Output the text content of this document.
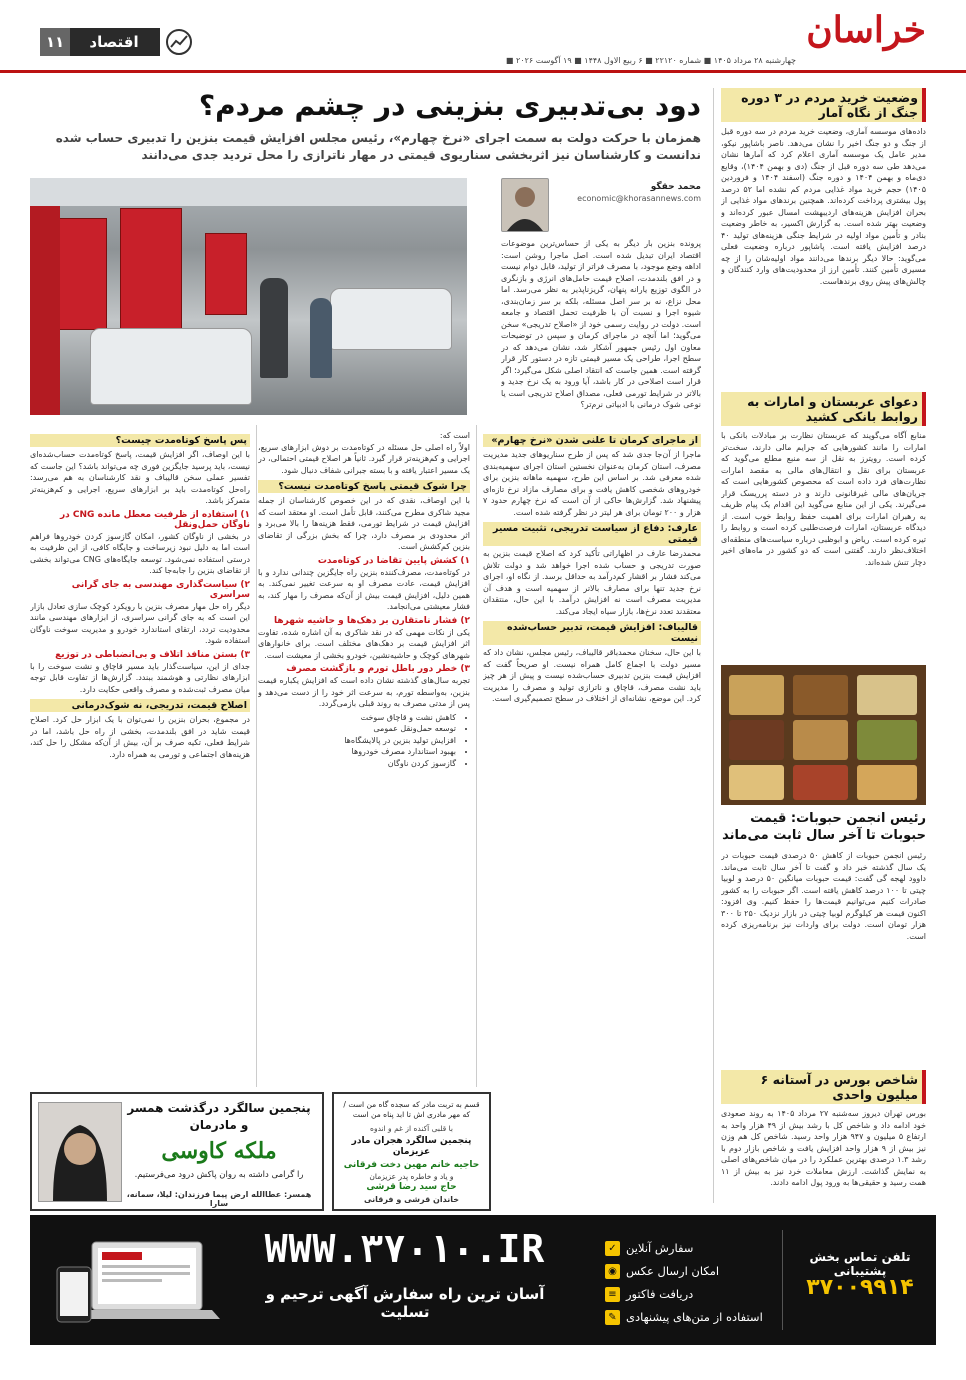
خراسان
چهارشنبه ۲۸ مرداد ۱۴۰۵ ■ شماره ۲۲۱۲۰ ■ ۶ ربیع الاول ۱۴۴۸ ■ ۱۹ آگوست ۲۰۲۶ ■
اقتصاد
۱۱
وضعیت خرید مردم در ۳ دوره جنگ از نگاه آمار
داده‌های موسسه آماری، وضعیت خرید مردم در سه دوره قبل از جنگ و دو جنگ اخیر را نشان می‌دهد. ناصر باشاپور نیکو، مدیر عامل یک موسسه آماری اعلام کرد که آمارها نشان می‌دهد طی سه دوره قبل از جنگ (دی و بهمن ۱۴۰۴)، وقایع دی‌ماه و بهمن ۱۴۰۴ و دوره جنگ (اسفند ۱۴۰۴ و فروردین ۱۴۰۵) حجم خرید مواد غذایی مردم کم نشده اما ۵۲ درصد پول بیشتری پرداخت کرده‌اند. همچنین برندهای مواد غذایی از بحران افزایش هزینه‌های اردیبهشت امسال عبور کرده‌اند و وضعیت بهتر شده است. به گزارش اکسیر، به خاطر وضعیت بنادر و تأمین مواد اولیه در شرایط جنگی هزینه‌های تولید ۴۰ درصد افزایش یافته است. پاشاپور درباره وضعیت فعلی می‌گوید: حالا دیگر برندها می‌دانند مواد اولیه‌شان را از چه مسیری تأمین کنند. تأمین ارز از محدودیت‌های وارد کنندگان و چالش‌های پیش روی برندهاست.
دعوای عربستان و امارات به روابط بانکی کشید
منابع آگاه می‌گویند که عربستان نظارت بر مبادلات بانکی با امارات را مانند کشورهایی که جرایم مالی دارند، سخت‌تر کرده است. رویترز به نقل از سه منبع مطلع می‌گوید که عربستان برای نقل و انتقال‌های مالی به مقصد امارات نظارت‌های فرد داده است که محصوص کشورهایی است که جریان‌های مالی غیرقانونی دارند و در دسته پرریسک قرار می‌گیرند. یکی از این منابع می‌گوید این اقدام یک پیام ظریف به رهبران امارات برای اهمیت حفظ روابط خوب است. از دیدگاه عربستان، امارات فرصت‌طلبی کرده است و روابط را تیره کرده است. ریاض و ابوظبی درباره سیاست‌های منطقه‌ای اختلاف‌نظر دارند. گفتنی است که دو کشور در ماه‌های اخیر دچار تنش شده‌اند.
رئیس انجمن حبوبات: قیمت حبوبات تا آخر سال ثابت می‌ماند
رئیس انجمن حبوبات از کاهش ۵۰ درصدی قیمت حبوبات در یک سال گذشته خبر داد و گفت تا آخر سال ثابت می‌ماند. داوود لهجه گی گفت: قیمت حبوبات میانگین ۵۰ درصد و لوبیا چیتی تا ۱۰۰ درصد کاهش یافته است. اگر حبوبات را به کشور صادرات کنیم می‌توانیم قیمت‌ها را حفظ کنیم. وی افزود: اکنون قیمت هر کیلوگرم لوبیا چیتی در بازار نزدیک ۲۵۰ تا ۳۰۰ هزار تومان است. دولت برای واردات نیز برنامه‌ریزی کرده است.
شاخص بورس در آستانه ۶ میلیون واحدی
بورس تهران دیروز سه‌شنبه ۲۷ مرداد ۱۴۰۵ به روند صعودی خود ادامه داد و شاخص کل با رشد بیش از ۴۹ هزار واحد به ارتفاع ۵ میلیون و ۹۴۷ هزار واحد رسید. شاخص کل هم وزن نیز بیش از ۹ هزار واحد افزایش یافت و شاخص بازار دوم با رشد ۱.۳ درصدی بهترین عملکرد را در میان شاخص‌های اصلی به نمایش گذاشت. ارزش معاملات خرد نیز به بیش از ۱۱ همت رسید و حقیقی‌ها به ورود پول ادامه دادند.
دود بی‌تدبیری بنزینی در چشم مردم؟
همزمان با حرکت دولت به سمت اجرای «نرخ چهارم»، رئیس مجلس افزایش قیمت بنزین را تدبیری حساب شده ندانست و کارشناسان نیز اثربخشی سناریوی قیمتی در مهار ناترازی را محل تردید جدی می‌دانند
محمد حقگو
economic@khorasannews.com
پرونده بنزین بار دیگر به یکی از حساس‌ترین موضوعات اقتصاد ایران تبدیل شده است. اصل ماجرا روشن است: اداهه وضع موجود، با مصرف فراتر از تولید، قابل دوام نیست و در افق بلندمدت، اصلاح قیمت حامل‌های انرژی و بازنگری در الگوی توزیع یارانه پنهان، گریزناپذیر به نظر می‌رسد. اما محل نزاع، نه بر سر اصل مسئله، بلکه بر سر زمان‌بندی، شیوه اجرا و نسبت آن با ظرفیت تحمل اقتصاد و جامعه است. دولت در روایت رسمی خود از «اصلاح تدریجی» سخن می‌گوید؛ اما آنچه در ماجرای کرمان و سپس در توضیحات معاون اول رئیس جمهور آشکار شد، نشان می‌دهد که در سطح اجرا، طراحی یک مسیر قیمتی تازه در دستور کار قرار گرفته است. همین جاست که انتقاد اصلی شکل می‌گیرد؛ اگر قرار است اصلاحی در کار باشد، آیا ورود به یک نرخ جدید و بالاتر در شرایط تورمی فعلی، مصداق اصلاح تدریجی است یا نوعی شوک درمانی با ادبیاتی نرم‌تر؟
از ماجرای کرمان تا علنی شدن «نرخ چهارم»
ماجرا از آن‌جا جدی شد که پس از طرح سناریوهای جدید مدیریت مصرف، استان کرمان به‌عنوان نخستین استان اجرای سهمیه‌بندی شده معرفی شد. بر اساس این طرح، سهمیه ماهانه بنزین برای خودروهای شخصی کاهش یافت و برای مصارف مازاد نرخ تازه‌ای پیشنهاد شد. گزارش‌ها حاکی از آن است که نرخ چهارم حدود ۷ هزار و ۲۰۰ تومان برای هر لیتر در نظر گرفته شده است.
عارف: دفاع از سیاست تدریجی، تثبیت مسیر قیمتی
محمدرضا عارف در اظهاراتی تأکید کرد که اصلاح قیمت بنزین به صورت تدریجی و حساب شده اجرا خواهد شد و دولت تلاش می‌کند فشار بر اقشار کم‌درآمد به حداقل برسد. از نگاه او، اجرای نرخ جدید تنها برای مصارف بالاتر از سهمیه است و هدف آن مدیریت مصرف است نه افزایش درآمد. با این حال، منتقدان معتقدند تعدد نرخ‌ها، بازار سیاه ایجاد می‌کند.
قالیباف: افزایش قیمت، تدبیر حساب‌شده نیست
با این حال، سخنان محمدباقر قالیباف، رئیس مجلس، نشان داد که مسیر دولت با اجماع کامل همراه نیست. او صریحاً گفت که افزایش قیمت بنزین تدبیری حساب‌شده نیست و پیش از هر چیز باید نشت مصرف، قاچاق و ناترازی تولید و مصرف را مدیریت کرد. این موضع، نشانه‌ای از اختلاف در سطح تصمیم‌گیری است.
است که:
اولاً راه اصلی حل مسئله در کوتاه‌مدت بر دوش ابزارهای سریع، اجرایی و کم‌هزینه‌تر قرار گیرد. ثانیاً هر اصلاح قیمتی احتمالی، در یک مسیر اعتبار یافته و با بسته جبرانی شفاف دنبال شود.
چرا شوک قیمتی پاسخ کوتاه‌مدت نیست؟
با این اوصاف، نقدی که در این خصوص کارشناسان از جمله مجید شاکری مطرح می‌کنند، قابل تأمل است. او معتقد است که افزایش قیمت در شرایط تورمی، فقط هزینه‌ها را بالا می‌برد و اثر محدودی بر مصرف دارد، چرا که بخش بزرگی از تقاضای بنزین کم‌کشش است.
۱) کشش پایین تقاضا در کوتاه‌مدت
در کوتاه‌مدت، مصرف‌کننده بنزین راه جایگزین چندانی ندارد و با افزایش قیمت، عادت مصرف او به سرعت تغییر نمی‌کند. به همین دلیل، افزایش قیمت بیش از آن‌که مصرف را مهار کند، به فشار معیشتی می‌انجامد.
۲) فشار نامتقارن بر دهک‌ها و حاشیه شهرها
یکی از نکات مهمی که در نقد شاکری به آن اشاره شده، تفاوت اثر افزایش قیمت بر دهک‌های مختلف است. برای خانوارهای شهرهای کوچک و حاشیه‌نشین، خودرو بخشی از معیشت است.
۳) خطر دور باطل تورم و بازگشت مصرف
تجربه سال‌های گذشته نشان داده است که افزایش یکباره قیمت بنزین، به‌واسطه تورم، به سرعت اثر خود را از دست می‌دهد و پس از مدتی مصرف به روند قبلی بازمی‌گردد.
• کاهش نشت و قاچاق سوخت
• توسعه حمل‌ونقل عمومی
• افزایش تولید بنزین در پالایشگاه‌ها
• بهبود استاندارد مصرف خودروها
• گازسوز کردن ناوگان
پس پاسخ کوتاه‌مدت چیست؟
با این اوصاف، اگر افزایش قیمت، پاسخ کوتاه‌مدت حساب‌شده‌ای نیست، باید پرسید جایگزین فوری چه می‌تواند باشد؟ این جاست که تفسیر عملی سخن قالیباف و نقد کارشناسان به هم می‌رسد: راه‌حل کوتاه‌مدت باید بر ابزارهای سریع، اجرایی و کم‌هزینه‌تر متمرکز باشد.
۱) استفاده از ظرفیت معطل مانده CNG در ناوگان حمل‌ونقل
در بخشی از ناوگان کشور، امکان گازسوز کردن خودروها فراهم است اما به دلیل نبود زیرساخت و جایگاه کافی، از این ظرفیت به درستی استفاده نمی‌شود. توسعه جایگاه‌های CNG می‌تواند بخشی از تقاضای بنزین را جابه‌جا کند.
۲) سیاست‌گذاری مهندسی به جای گرانی سراسری
دیگر راه حل مهار مصرف بنزین با رویکرد کوچک سازی تعادل بازار این است که به جای گرانی سراسری، از ابزارهای مهندسی مانند محدودیت تردد، ارتقای استاندارد خودرو و مدیریت سوخت ناوگان استفاده شود.
۳) بستن منافذ اتلاف و بی‌انضباطی در توزیع
جدای از این، سیاست‌گذار باید مسیر قاچاق و نشت سوخت را با ابزارهای نظارتی و هوشمند ببندد. گزارش‌ها از تفاوت قابل توجه میان مصرف ثبت‌شده و مصرف واقعی حکایت دارد.
اصلاح قیمت، تدریجی، نه شوک‌درمانی
در مجموع، بحران بنزین را نمی‌توان با یک ابزار حل کرد. اصلاح قیمت شاید در افق بلندمدت، بخشی از راه حل باشد، اما در شرایط فعلی، تکیه صرف بر آن، بیش از آن‌که مشکل را حل کند، هزینه‌های اجتماعی و تورمی به همراه دارد.
پنجمین سالگرد درگذشت همسر و مادرمان
ملکه کاوسی
را گرامی داشته به روان پاکش درود می‌فرستیم.
همسر: عطاالله ارض پیما فرزندان: لیلا، سمانه، سارا
قسم به تربت مادر که سجده گاه من است / که مهر مادری اش تا ابد پناه من است
با قلبی آکنده از غم و اندوه
پنجمین سالگرد هجران مادر عزیزمان
حاجیه خانم مهین دخت فرقانی
و یاد و خاطره پدر عزیزمان
حاج سید رضا قرشی
خاندان قرشی و فرقانی
WWW.۳۷۰۱۰.IR
آسان ترین راه سفارش آگهی ترحیم و تسلیت
سفارش آنلاین
✓
امکان ارسال عکس
◉
دریافت فاکتور
≡
استفاده از متن‌های پیشنهادی
✎
تلفن تماس بخش پشتیبانی
۳۷۰۰۹۹۱۴
